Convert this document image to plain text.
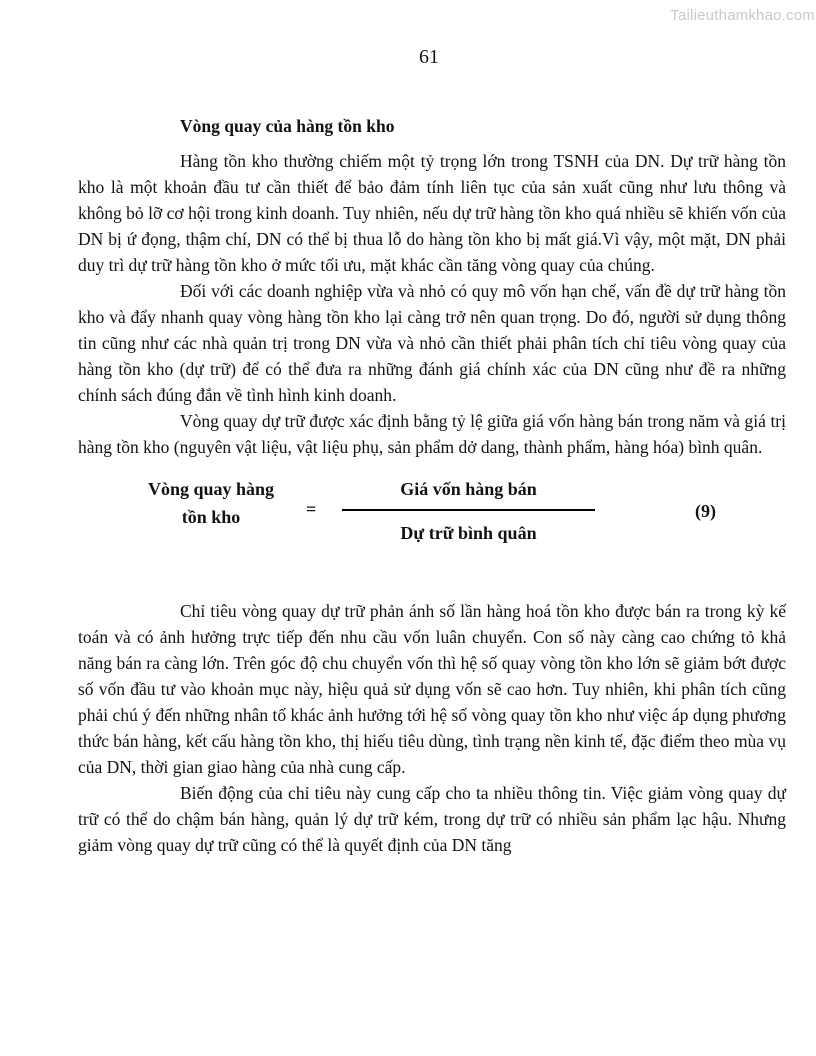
Tailieuthamkhao.com
61
Vòng quay của hàng tồn kho

Hàng tồn kho thường chiếm một tỷ trọng lớn trong TSNH của DN. Dự trữ hàng tồn kho là một khoản đầu tư cần thiết để bảo đảm tính liên tục của sản xuất cũng như lưu thông và không bỏ lỡ cơ hội trong kinh doanh. Tuy nhiên, nếu dự trữ hàng tồn kho quá nhiều sẽ khiến vốn của DN bị ứ đọng, thậm chí, DN có thể bị thua lỗ do hàng tồn kho bị mất giá.Vì vậy, một mặt, DN phải duy trì dự trữ hàng tồn kho ở mức tối ưu, mặt khác cần tăng vòng quay của chúng.

Đối với các doanh nghiệp vừa và nhỏ có quy mô vốn hạn chế, vấn đề dự trữ hàng tồn kho và đẩy nhanh quay vòng hàng tồn kho lại càng trở nên quan trọng. Do đó, người sử dụng thông tin cũng như các nhà quản trị trong DN vừa và nhỏ cần thiết phải phân tích chỉ tiêu vòng quay của hàng tồn kho (dự trữ) để có thể đưa ra những đánh giá chính xác của DN cũng như đề ra những chính sách đúng đắn về tình hình kinh doanh.

Vòng quay dự trữ được xác định bằng tỷ lệ giữa giá vốn hàng bán trong năm và giá trị hàng tồn kho (nguyên vật liệu, vật liệu phụ, sản phẩm dở dang, thành phẩm, hàng hóa) bình quân.

Vòng quay hàng
tồn kho	=
Giá vốn hàng bán
Dự trữ bình quân
(9)

Chỉ tiêu vòng quay dự trữ phản ánh số lần hàng hoá tồn kho được bán ra trong kỳ kế toán và có ảnh hưởng trực tiếp đến nhu cầu vốn luân chuyển. Con số này càng cao chứng tỏ khả năng bán ra càng lớn. Trên góc độ chu chuyển vốn thì hệ số quay vòng tồn kho lớn sẽ giảm bớt được số vốn đầu tư vào khoản mục này, hiệu quả sử dụng vốn sẽ cao hơn. Tuy nhiên, khi phân tích cũng phải chú ý đến những nhân tố khác ảnh hưởng tới hệ số vòng quay tồn kho như việc áp dụng phương thức bán hàng, kết cấu hàng tồn kho, thị hiếu tiêu dùng, tình trạng nền kinh tế, đặc điểm theo mùa vụ của DN, thời gian giao hàng của nhà cung cấp.

Biến động của chỉ tiêu này cung cấp cho ta nhiều thông tin. Việc giảm vòng quay dự trữ có thể do chậm bán hàng, quản lý dự trữ kém, trong dự trữ có nhiều sản phẩm lạc hậu. Nhưng giảm vòng quay dự trữ cũng có thể là quyết định của DN tăng
